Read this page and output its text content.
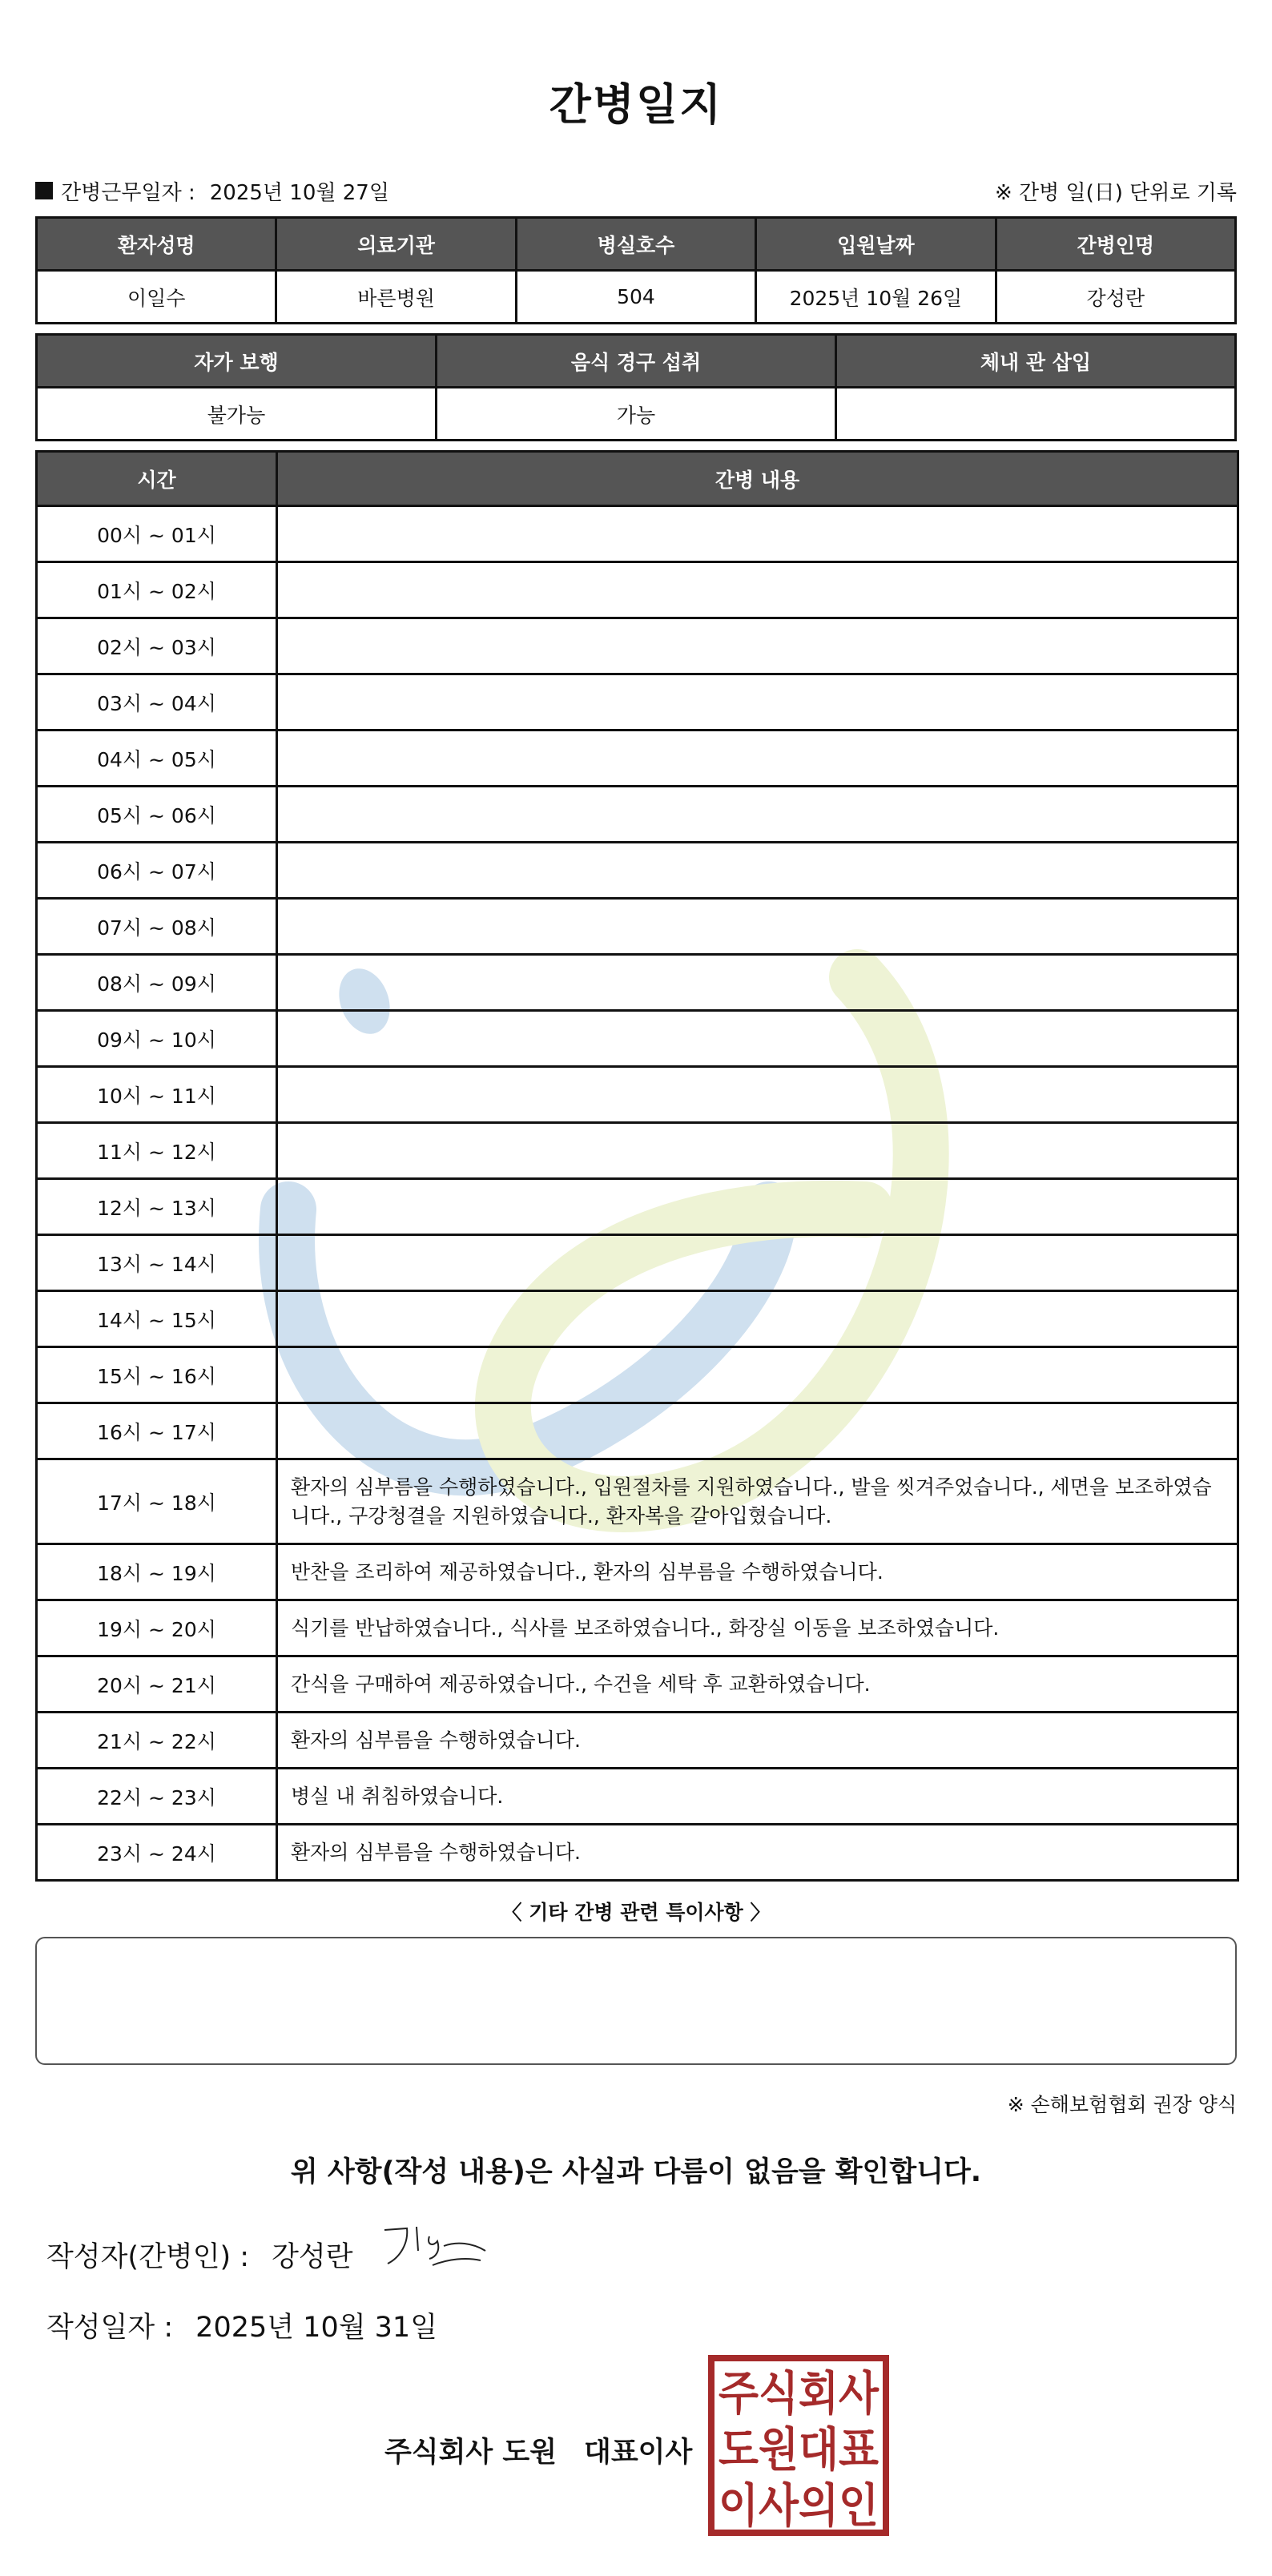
간병일지
간병근무일자 : 2025년 10월 27일	※ 간병 일(日) 단위로 기록
환자성명	의료기관	병실호수	입원날짜	간병인명
이일수	바른병원	504	2025년 10월 26일	강성란
자가 보행	음식 경구 섭취	체내 관 삽입
불가능	가능	
시간	간병 내용
00시 ~ 01시	
01시 ~ 02시	
02시 ~ 03시	
03시 ~ 04시	
04시 ~ 05시	
05시 ~ 06시	
06시 ~ 07시	
07시 ~ 08시	
08시 ~ 09시	
09시 ~ 10시	
10시 ~ 11시	
11시 ~ 12시	
12시 ~ 13시	
13시 ~ 14시	
14시 ~ 15시	
15시 ~ 16시	
16시 ~ 17시	
17시 ~ 18시	환자의 심부름을 수행하였습니다., 입원절차를 지원하였습니다., 발을 씻겨주었습니다., 세면을 보조하였습니다., 구강청결을 지원하였습니다., 환자복을 갈아입혔습니다.
18시 ~ 19시	반찬을 조리하여 제공하였습니다., 환자의 심부름을 수행하였습니다.
19시 ~ 20시	식기를 반납하였습니다., 식사를 보조하였습니다., 화장실 이동을 보조하였습니다.
20시 ~ 21시	간식을 구매하여 제공하였습니다., 수건을 세탁 후 교환하였습니다.
21시 ~ 22시	환자의 심부름을 수행하였습니다.
22시 ~ 23시	병실 내 취침하였습니다.
23시 ~ 24시	환자의 심부름을 수행하였습니다.
〈 기타 간병 관련 특이사항 〉
※ 손해보험협회 권장 양식
위 사항(작성 내용)은 사실과 다름이 없음을 확인합니다.
작성자(간병인) : 강성란
작성일자 : 2025년 10월 31일
주식회사 도원 대표이사
주식회사
도원대표
이사의인
